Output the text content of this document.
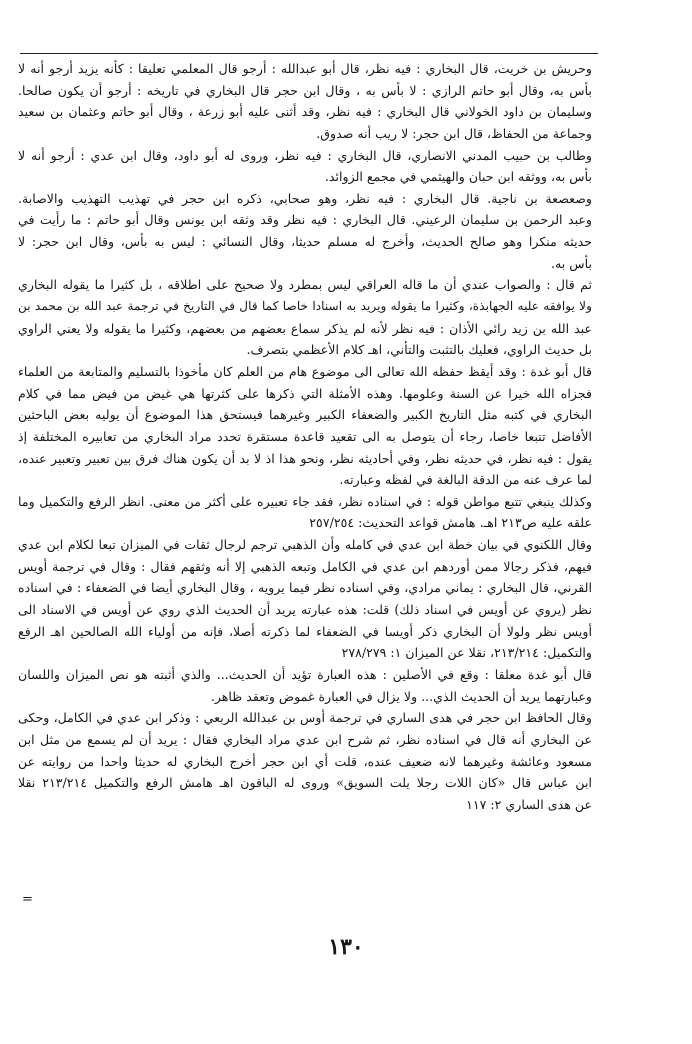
وحريش بن خريت، قال البخاري : فيه نظر، قال أبو عبدالله : أرجو قال المعلمي تعليقا : كأنه يزيد أرجو أنه لا
بأس به، وقال أبو حاتم الرازي : لا بأس به ، وقال ابن حجر قال البخاري في تاريخه : أرجو أن يكون صالحا.
وسليمان بن داود الخولاني قال البخاري : فيه نظر، وقد أثنى عليه أبو زرعة ، وقال أبو حاتم وعثمان بن سعيد
وجماعة من الحفاظ، قال ابن حجر: لا ريب أنه صدوق.
وطالب بن حبيب المدني الانصاري، قال البخاري : فيه نظر، وروى له أبو داود، وقال ابن عدي : أرجو أنه لا
بأس به، ووثقه ابن حبان والهيثمي في مجمع الزوائد.
وصعصعة بن ناجية. قال البخاري : فيه نظر، وهو صحابي، ذكره ابن حجر في تهذيب التهذيب والاصابة.
وعبد الرحمن بن سليمان الرعيني. قال البخاري : فيه نظر وقد وثقه ابن يونس وقال أبو حاتم : ما رأيت في
حديثه منكرا وهو صالح الحديث، وأخرج له مسلم حديثا، وقال النسائي : ليس به بأس، وقال ابن حجر: لا
بأس به.
ثم قال : والصواب عندي أن ما قاله العراقي ليس بمطرد ولا صحيح على اطلاقه ، بل كثيرا ما يقوله البخاري
ولا يوافقه عليه الجهابذة، وكثيرا ما يقوله ويريد به اسنادا خاصا كما قال في التاريخ في ترجمة عبد الله بن محمد بن
عبد الله بن زيد رائي الأذان : فيه نظر لأنه لم يذكر سماع بعضهم من بعضهم، وكثيرا ما يقوله ولا يعني الراوي
بل حديث الراوي، فعليك بالتثبت والتأني، اهـ كلام الأعظمي بتصرف.
قال أبو غدة : وقد أيقظ حفظه الله تعالى الى موضوع هام من العلم كان مأخوذا بالتسليم والمتابعة من العلماء
فجزاه الله خيرا عن السنة وعلومها. وهذه الأمثلة التي ذكرها على كثرتها هي غيض من فيض مما في كلام
البخاري في كتبه مثل التاريخ الكبير والضعفاء الكبير وغيرهما فيستحق هذا الموضوع أن يوليه بعض الباحثين
الأفاضل تتبعا خاصا، رجاء أن يتوصل به الى تقعيد قاعدة مستقرة تحدد مراد البخاري من تعابيره المختلفة إذ
يقول : فيه نظر، في حديثه نظر، وفي أحاديثه نظر، ونحو هذا اذ لا بد أن يكون هناك فرق بين تعبير وتعبير عنده،
لما عرف عنه من الدقة البالغة في لفظه وعبارته.
وكذلك ينبغي تتبع مواطن قوله : في اسناده نظر، فقد جاء تعبيره على أكثر من معنى. انظر الرفع والتكميل وما
علقه عليه ص٢١٣ اهـ. هامش قواعد التحديث: ٢٥٧/٢٥٤
وقال اللكنوي في بيان خطة ابن عدي في كامله وأن الذهبي ترجم لرجال ثقات في الميزان تبعا لكلام ابن عدي
فيهم، فذكر رجالا ممن أوردهم ابن عدي في الكامل وتبعه الذهبي إلا أنه وثقهم فقال : وقال في ترجمة أويس
القرني، قال البخاري : يماني مرادي، وفي اسناده نظر فيما يرويه ، وقال البخاري أيضا في الضعفاء : في اسناده
نظر (يروي عن أويس في اسناد ذلك) قلت: هذه عبارته يريد أن الحديث الذي روي عن أويس في الاسناد الى
أويس نظر ولولا أن البخاري ذكر أويسا في الضعفاء لما ذكرته أصلا، فإنه من أولياء الله الصالحين اهـ الرفع
والتكميل: ٢١٣/٢١٤، نقلا عن الميزان ١: ٢٧٨/٢٧٩
قال أبو غدة معلقا : وقع في الأصلين : هذه العبارة تؤيد أن الحديث... والذي أثبته هو نص الميزان واللسان
وعبارتهما يريد أن الحديث الذي... ولا يزال في العبارة غموض وتعقد ظاهر.
وقال الحافظ ابن حجر في هدى الساري في ترجمة أوس بن عبدالله الربعي : وذكر ابن عدي في الكامل، وحكى
عن البخاري أنه قال في اسناده نظر، ثم شرح ابن عدي مراد البخاري فقال : يريد أن لم يسمع من مثل ابن
مسعود وعائشة وغيرهما لانه ضعيف عنده، قلت أي ابن حجر أخرج البخاري له حديثا واحدا من روايته عن
ابن عباس قال «كان اللات رجلا يلت السويق» وروى له الباقون اهـ هامش الرفع والتكميل ٢١٣/٢١٤ نقلا
عن هدى الساري ٢: ١١٧
=
١٣٠
